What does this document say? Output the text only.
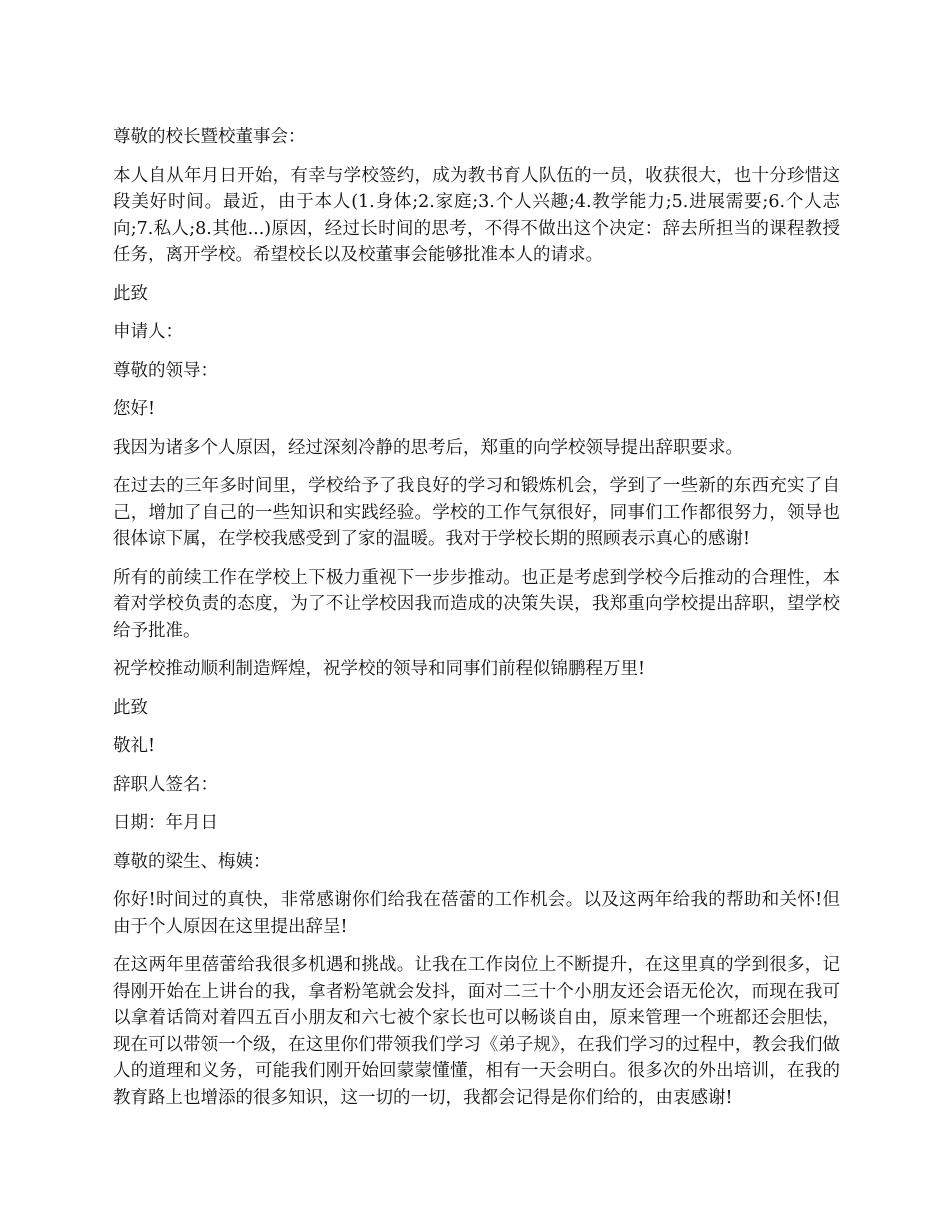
尊敬的校长暨校董事会：

本人自从年月日开始，有幸与学校签约，成为教书育人队伍的一员，收获很大，也十分珍惜这段美好时间。最近，由于本人(1.身体;2.家庭;3.个人兴趣;4.教学能力;5.进展需要;6.个人志向;7.私人;8.其他...)原因，经过长时间的思考，不得不做出这个决定：辞去所担当的课程教授任务，离开学校。希望校长以及校董事会能够批准本人的请求。

此致

申请人：

尊敬的领导：

您好!

我因为诸多个人原因，经过深刻冷静的思考后，郑重的向学校领导提出辞职要求。

在过去的三年多时间里，学校给予了我良好的学习和锻炼机会，学到了一些新的东西充实了自己，增加了自己的一些知识和实践经验。学校的工作气氛很好，同事们工作都很努力，领导也很体谅下属，在学校我感受到了家的温暖。我对于学校长期的照顾表示真心的感谢!

所有的前续工作在学校上下极力重视下一步步推动。也正是考虑到学校今后推动的合理性，本着对学校负责的态度，为了不让学校因我而造成的决策失误，我郑重向学校提出辞职，望学校给予批准。

祝学校推动顺利制造辉煌，祝学校的领导和同事们前程似锦鹏程万里!

此致

敬礼!

辞职人签名：

日期：年月日

尊敬的梁生、梅姨：

你好!时间过的真快，非常感谢你们给我在蓓蕾的工作机会。以及这两年给我的帮助和关怀!但由于个人原因在这里提出辞呈!

在这两年里蓓蕾给我很多机遇和挑战。让我在工作岗位上不断提升，在这里真的学到很多，记得刚开始在上讲台的我，拿者粉笔就会发抖，面对二三十个小朋友还会语无伦次，而现在我可以拿着话筒对着四五百小朋友和六七被个家长也可以畅谈自由，原来管理一个班都还会胆怯，现在可以带领一个级，在这里你们带领我们学习《弟子规》，在我们学习的过程中，教会我们做人的道理和义务，可能我们刚开始回蒙蒙懂懂，相有一天会明白。很多次的外出培训，在我的教育路上也增添的很多知识，这一切的一切，我都会记得是你们给的，由衷感谢!
